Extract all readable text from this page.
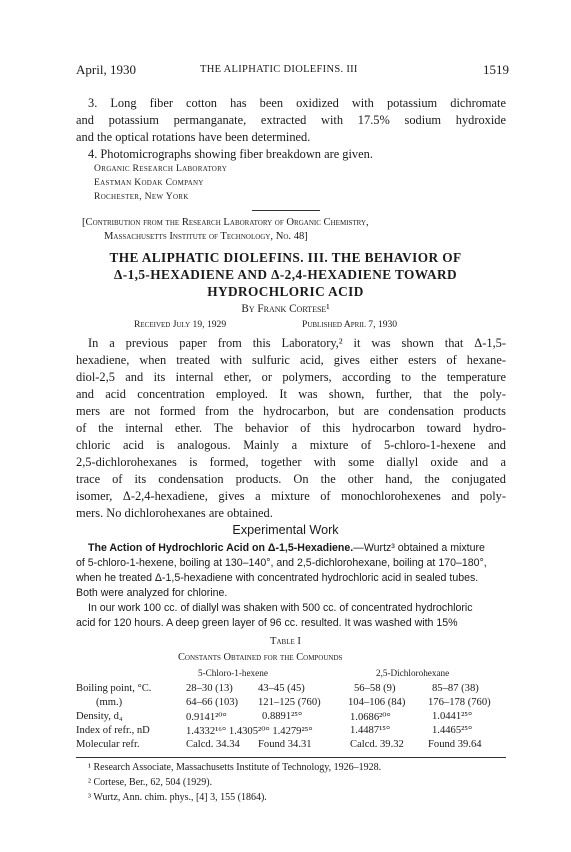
April, 1930	THE ALIPHATIC DIOLEFINS. III	1519
3. Long fiber cotton has been oxidized with potassium dichromate
and potassium permanganate, extracted with 17.5% sodium hydroxide
and the optical rotations have been determined.
4. Photomicrographs showing fiber breakdown are given.
Organic Research Laboratory
Eastman Kodak Company
Rochester, New York
[Contribution from the Research Laboratory of Organic Chemistry,
Massachusetts Institute of Technology, No. 48]
THE ALIPHATIC DIOLEFINS. III. THE BEHAVIOR OF
Δ-1,5-HEXADIENE AND Δ-2,4-HEXADIENE TOWARD
HYDROCHLORIC ACID
By Frank Cortese¹
Received July 19, 1929	Published April 7, 1930
In a previous paper from this Laboratory,² it was shown that Δ-1,5-
hexadiene, when treated with sulfuric acid, gives either esters of hexane-
diol-2,5 and its internal ether, or polymers, according to the temperature
and acid concentration employed. It was shown, further, that the poly-
mers are not formed from the hydrocarbon, but are condensation products
of the internal ether. The behavior of this hydrocarbon toward hydro-
chloric acid is analogous. Mainly a mixture of 5-chloro-1-hexene and
2,5-dichlorohexanes is formed, together with some diallyl oxide and a
trace of its condensation products. On the other hand, the conjugated
isomer, Δ-2,4-hexadiene, gives a mixture of monochlorohexenes and poly-
mers. No dichlorohexanes are obtained.
Experimental Work
The Action of Hydrochloric Acid on Δ-1,5-Hexadiene.—Wurtz³ obtained a mixture
of 5-chloro-1-hexene, boiling at 130–140°, and 2,5-dichlorohexane, boiling at 170–180°,
when he treated Δ-1,5-hexadiene with concentrated hydrochloric acid in sealed tubes.
Both were analyzed for chlorine.
In our work 100 cc. of diallyl was shaken with 500 cc. of concentrated hydrochloric
acid for 120 hours. A deep green layer of 96 cc. resulted. It was washed with 15%
Table I
Constants Obtained for the Compounds
5-Chloro-1-hexene	2,5-Dichlorohexane
Boiling point, °C.	28–30 (13) 43–45 (45)	56–58 (9)	85–87 (38)
(mm.)	64–66 (103) 121–125 (760)	104–106 (84) 176–178 (760)
Density, d₄	0.9141²⁰°	0.8891²⁵°	1.0686²⁰°	1.0441²⁵°
Index of refr., nD	1.4332¹⁶° 1.4305²⁰° 1.4279²⁵°	1.4487¹⁵°	1.4465²⁵°
Molecular refr.	Calcd. 34.34 Found 34.31	Calcd. 39.32 Found 39.64
¹ Research Associate, Massachusetts Institute of Technology, 1926–1928.
² Cortese, Ber., 62, 504 (1929).
³ Wurtz, Ann. chim. phys., [4] 3, 155 (1864).
